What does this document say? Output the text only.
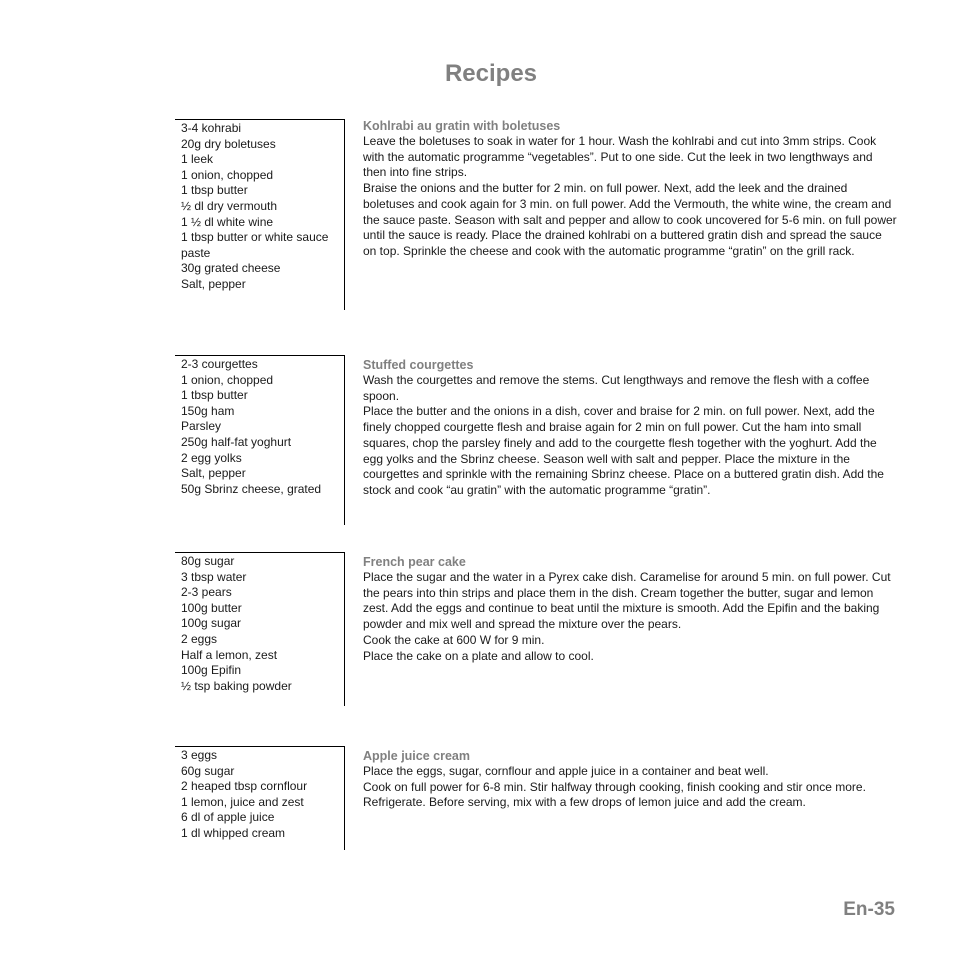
Recipes
3-4 kohrabi
20g dry boletuses
1 leek
1 onion, chopped
1 tbsp butter
½ dl dry vermouth
1 ½ dl white wine
1 tbsp butter or white sauce paste
30g grated cheese
Salt, pepper
Kohlrabi au gratin with boletuses

Leave the boletuses to soak in water for 1 hour. Wash the kohlrabi and cut into 3mm strips. Cook with the automatic programme “vegetables”. Put to one side. Cut the leek in two lengthways and then into fine strips.

Braise the onions and the butter for 2 min. on full power. Next, add the leek and the drained boletuses and cook again for 3 min. on full power. Add the Vermouth, the white wine, the cream and the sauce paste. Season with salt and pepper and allow to cook uncovered for 5-6 min. on full power until the sauce is ready. Place the drained kohlrabi on a buttered gratin dish and spread the sauce on top. Sprinkle the cheese and cook with the automatic programme “gratin” on the grill rack.

2-3 courgettes
1 onion, chopped
1 tbsp butter
150g ham
Parsley
250g half-fat yoghurt
2 egg yolks
Salt, pepper
50g Sbrinz cheese, grated
Stuffed courgettes

Wash the courgettes and remove the stems. Cut lengthways and remove the flesh with a coffee spoon.

Place the butter and the onions in a dish, cover and braise for 2 min. on full power. Next, add the finely chopped courgette flesh and braise again for 2 min on full power. Cut the ham into small squares, chop the parsley finely and add to the courgette flesh together with the yoghurt. Add the egg yolks and the Sbrinz cheese. Season well with salt and pepper. Place the mixture in the courgettes and sprinkle with the remaining Sbrinz cheese. Place on a buttered gratin dish. Add the stock and cook “au gratin” with the automatic programme “gratin”.

80g sugar
3 tbsp water
2-3 pears
100g butter
100g sugar
2 eggs
Half a lemon, zest
100g Epifin
½ tsp baking powder
French pear cake

Place the sugar and the water in a Pyrex cake dish. Caramelise for around 5 min. on full power. Cut the pears into thin strips and place them in the dish. Cream together the butter, sugar and lemon zest. Add the eggs and continue to beat until the mixture is smooth. Add the Epifin and the baking powder and mix well and spread the mixture over the pears.

Cook the cake at 600 W for 9 min.

Place the cake on a plate and allow to cool.

3 eggs
60g sugar
2 heaped tbsp cornflour
1 lemon, juice and zest
6 dl of apple juice
1 dl whipped cream
Apple juice cream

Place the eggs, sugar, cornflour and apple juice in a container and beat well.

Cook on full power for 6-8 min. Stir halfway through cooking, finish cooking and stir once more.

Refrigerate. Before serving, mix with a few drops of lemon juice and add the cream.

En-35
